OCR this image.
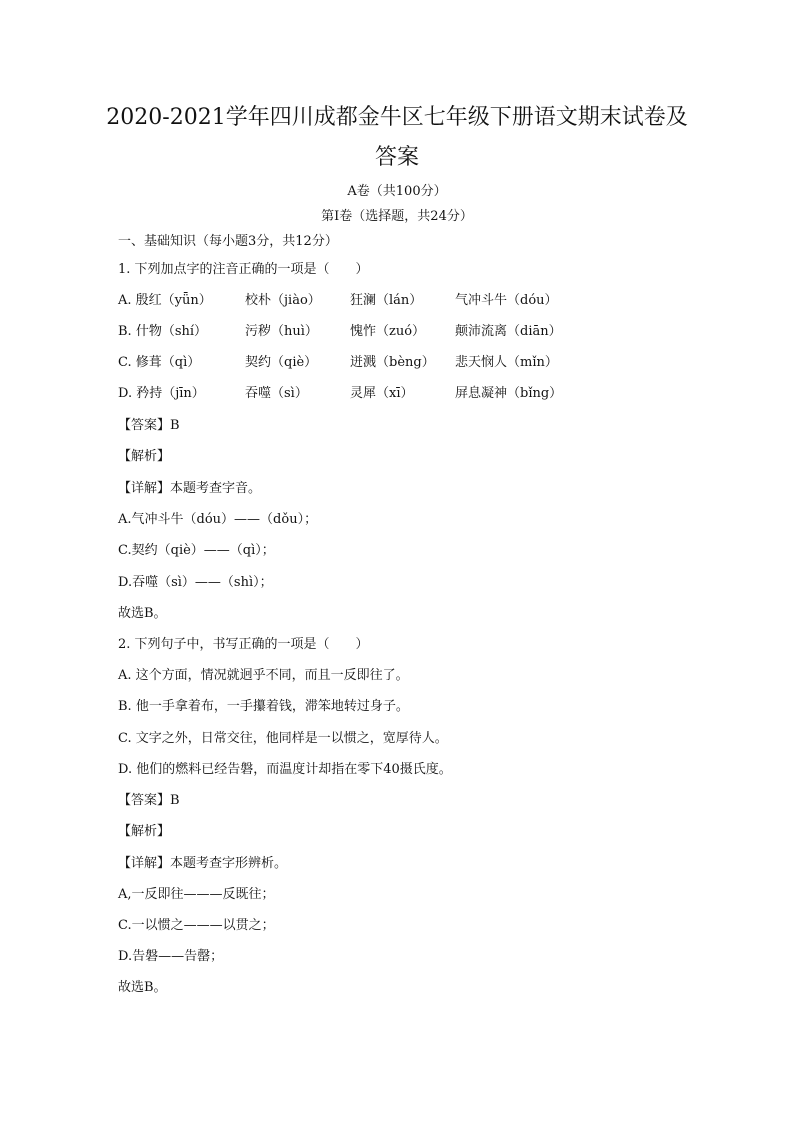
2020-2021学年四川成都金牛区七年级下册语文期末试卷及
答案

A卷（共100分）

第Ⅰ卷（选择题，共24分）

一、基础知识（每小题3分，共12分）

1. 下列加点字的注音正确的一项是（　　）

A. 殷红（yǖn）	校朴（jiào） 狂澜（lán）	气冲斗牛（dóu）
B. 什物（shí）	污秽（huì） 愧怍（zuó） 颠沛流离（diān）
C. 修葺（qì）	契约（qiè）	迸溅（bèng） 悲天悯人（mǐn）
D. 矜持（jīn）	吞噬（sì）	灵犀（xī）	屏息凝神（bǐng）

【答案】B

【解析】

【详解】本题考查字音。

A.气冲斗牛（dóu）——（dǒu）；

C.契约（qiè）——（qì）；

D.吞噬（sì）——（shì）；

故选B。

2. 下列句子中，书写正确的一项是（　　）

A. 这个方面，情况就迥乎不同，而且一反即往了。

B. 他一手拿着布，一手攥着钱，滞笨地转过身子。

C. 文字之外，日常交往，他同样是一以惯之，宽厚待人。

D. 他们的燃料已经告磐，而温度计却指在零下40摄氏度。

【答案】B

【解析】

【详解】本题考查字形辨析。

A,一反即往———反既往；

C.一以惯之———以贯之；

D.告磐——告罄；

故选B。
